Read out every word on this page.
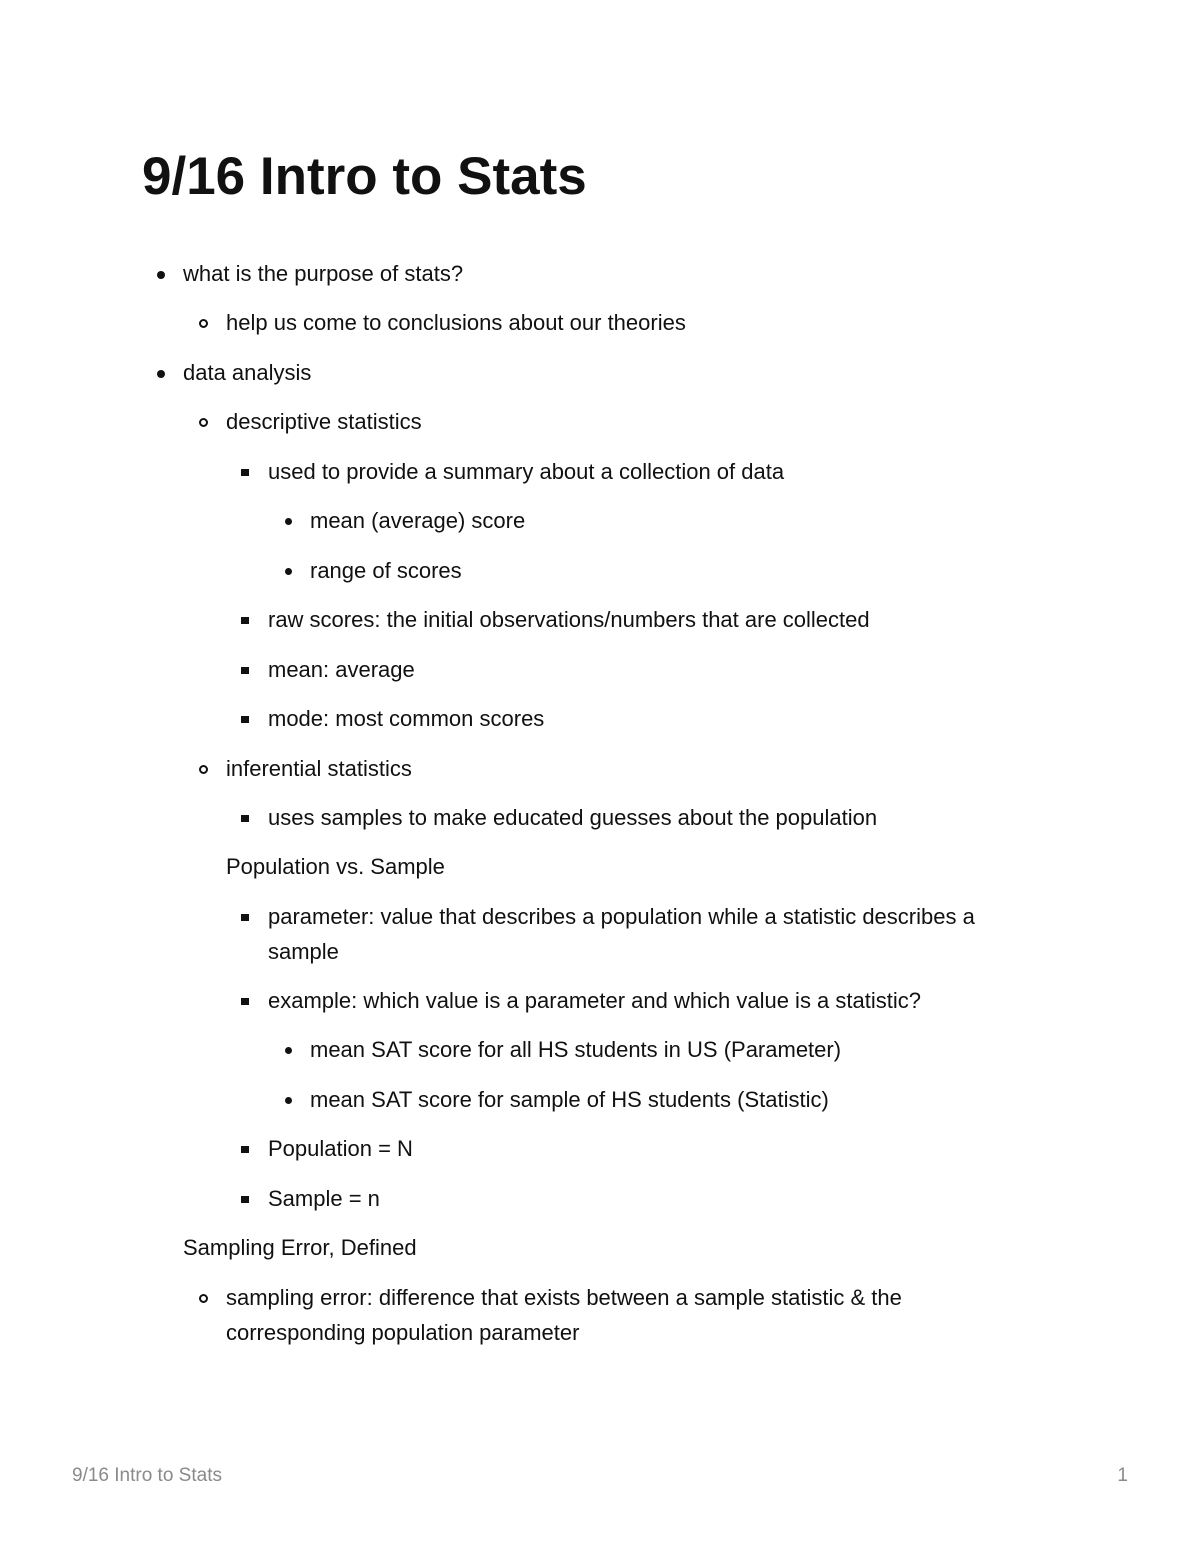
9/16 Intro to Stats
what is the purpose of stats?
help us come to conclusions about our theories
data analysis
descriptive statistics
used to provide a summary about a collection of data
mean (average) score
range of scores
raw scores: the initial observations/numbers that are collected
mean: average
mode: most common scores
inferential statistics
uses samples to make educated guesses about the population
Population vs. Sample
parameter: value that describes a population while a statistic describes a sample
example: which value is a parameter and which value is a statistic?
mean SAT score for all HS students in US (Parameter)
mean SAT score for sample of HS students (Statistic)
Population = N
Sample = n
Sampling Error, Defined
sampling error: difference that exists between a sample statistic & the corresponding population parameter
9/16 Intro to Stats	1
